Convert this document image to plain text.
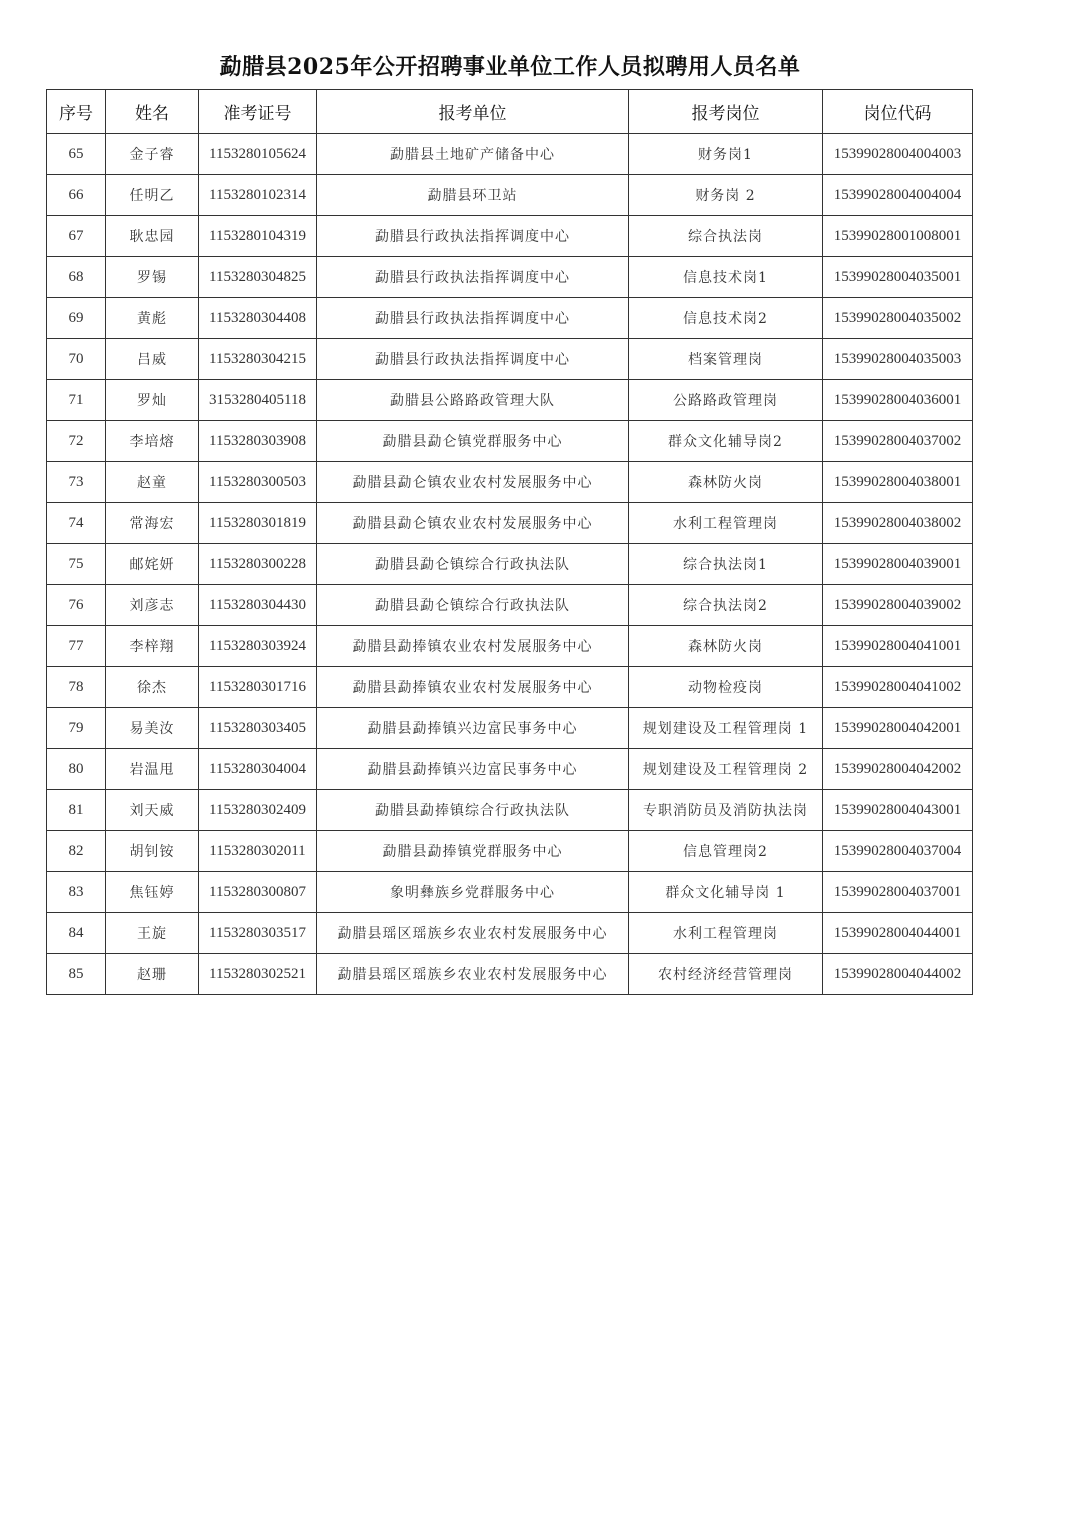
勐腊县2025年公开招聘事业单位工作人员拟聘用人员名单
序号	姓名	准考证号	报考单位	报考岗位	岗位代码
65	金子睿	1153280105624	勐腊县土地矿产储备中心	财务岗1	15399028004004003
66	任明乙	1153280102314	勐腊县环卫站	财务岗 2	15399028004004004
67	耿忠园	1153280104319	勐腊县行政执法指挥调度中心	综合执法岗	15399028001008001
68	罗锡	1153280304825	勐腊县行政执法指挥调度中心	信息技术岗1	15399028004035001
69	黄彪	1153280304408	勐腊县行政执法指挥调度中心	信息技术岗2	15399028004035002
70	吕威	1153280304215	勐腊县行政执法指挥调度中心	档案管理岗	15399028004035003
71	罗灿	3153280405118	勐腊县公路路政管理大队	公路路政管理岗	15399028004036001
72	李培熔	1153280303908	勐腊县勐仑镇党群服务中心	群众文化辅导岗2	15399028004037002
73	赵童	1153280300503	勐腊县勐仑镇农业农村发展服务中心	森林防火岗	15399028004038001
74	常海宏	1153280301819	勐腊县勐仑镇农业农村发展服务中心	水利工程管理岗	15399028004038002
75	邮姹妍	1153280300228	勐腊县勐仑镇综合行政执法队	综合执法岗1	15399028004039001
76	刘彦志	1153280304430	勐腊县勐仑镇综合行政执法队	综合执法岗2	15399028004039002
77	李梓翔	1153280303924	勐腊县勐捧镇农业农村发展服务中心	森林防火岗	15399028004041001
78	徐杰	1153280301716	勐腊县勐捧镇农业农村发展服务中心	动物检疫岗	15399028004041002
79	易美汝	1153280303405	勐腊县勐捧镇兴边富民事务中心	规划建设及工程管理岗 1	15399028004042001
80	岩温甩	1153280304004	勐腊县勐捧镇兴边富民事务中心	规划建设及工程管理岗 2	15399028004042002
81	刘天威	1153280302409	勐腊县勐捧镇综合行政执法队	专职消防员及消防执法岗	15399028004043001
82	胡钊铵	1153280302011	勐腊县勐捧镇党群服务中心	信息管理岗2	15399028004037004
83	焦钰婷	1153280300807	象明彝族乡党群服务中心	群众文化辅导岗 1	15399028004037001
84	王旋	1153280303517	勐腊县瑶区瑶族乡农业农村发展服务中心	水利工程管理岗	15399028004044001
85	赵珊	1153280302521	勐腊县瑶区瑶族乡农业农村发展服务中心	农村经济经营管理岗	15399028004044002
